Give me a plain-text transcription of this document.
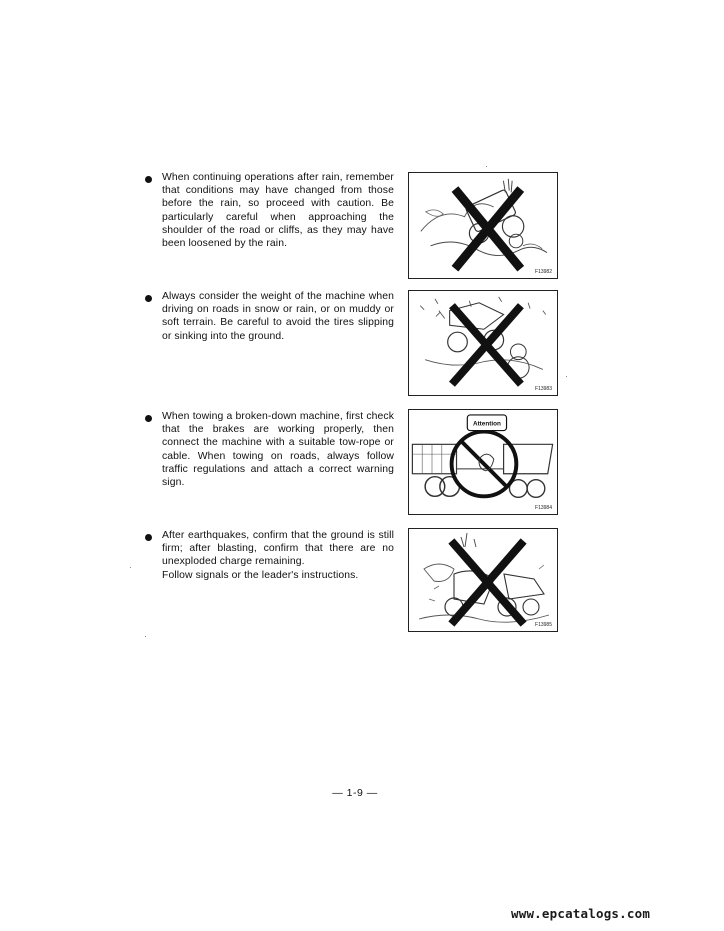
When continuing operations after rain, remember that conditions may have changed from those before the rain, so proceed with caution. Be particularly careful when approaching the shoulder of the road or cliffs, as they may have been loosened by the rain.
F13982
Always consider the weight of the machine when driving on roads in snow or rain, or on muddy or soft terrain. Be careful to avoid the tires slipping or sinking into the ground.
F13983
When towing a broken-down machine, first check that the brakes are working properly, then connect the machine with a suitable tow-rope or cable. When towing on roads, always follow traffic regulations and attach a correct warning sign.
Attention
F13984
After earthquakes, confirm that the ground is still firm; after blasting, confirm that there are no unexploded charge remaining.
Follow signals or the leader's instructions.
F13985
— 1-9 —
www.epcatalogs.com
